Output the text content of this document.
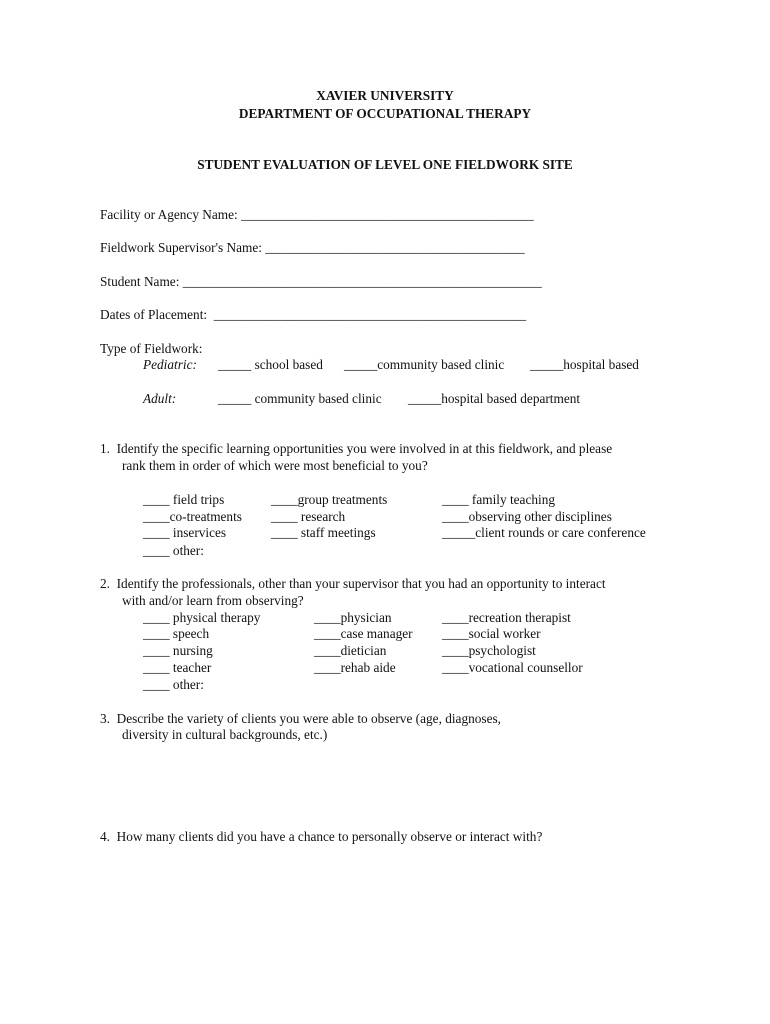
XAVIER UNIVERSITY
DEPARTMENT OF OCCUPATIONAL THERAPY
STUDENT EVALUATION OF LEVEL ONE FIELDWORK SITE
Facility or Agency Name: ____________________________________________
Fieldwork Supervisor's Name: _______________________________________
Student Name: ______________________________________________________
Dates of Placement:  _______________________________________________
Type of Fieldwork:
Pediatric: _____ school based _____community based clinic _____hospital based
Adult:	_____ community based clinic _____hospital based department
1.  Identify the specific learning opportunities you were involved in at this fieldwork, and please
rank them in order of which were most beneficial to you?
____ field trips
____co-treatments
____ inservices
____ other:
____group treatments
____ research
____ staff meetings
____ family teaching
____observing other disciplines
_____client rounds or care conference
2.  Identify the professionals, other than your supervisor that you had an opportunity to interact
with and/or learn from observing?
____ physical therapy
____ speech
____ nursing
____ teacher
____ other:
____physician
____case manager
____dietician
____rehab aide
____recreation therapist
____social worker
____psychologist
____vocational counsellor
3.  Describe the variety of clients you were able to observe (age, diagnoses,
diversity in cultural backgrounds, etc.)
4.  How many clients did you have a chance to personally observe or interact with?
